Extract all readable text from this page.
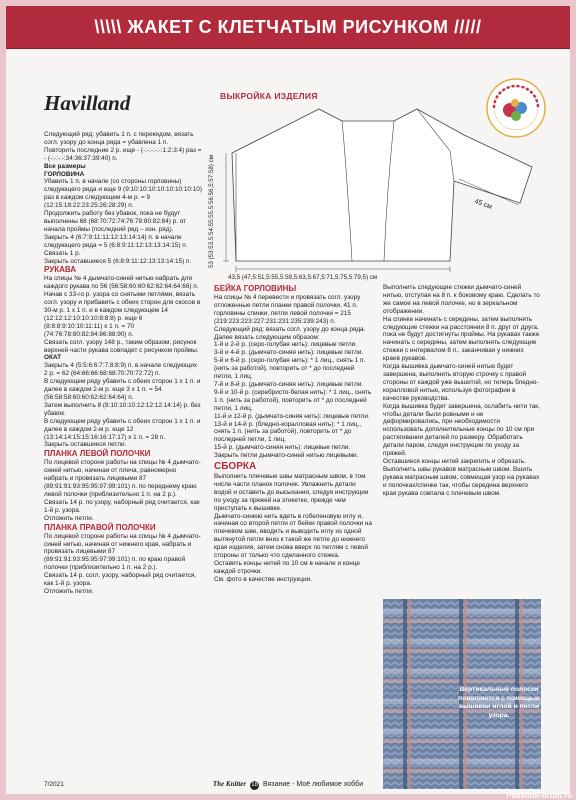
\\\\\ ЖАКЕТ С КЛЕТЧАТЫМ РИСУНКОМ /////
Havilland	ВЫКРОЙКА ИЗДЕЛИЯ
43,5 (47,5:51,5:55,5:59,5:63,5:67,5:71,5:75,5:79,5) см
53 (53:53,5:54:55:55,5:56:56,5:57:58) см	45 см

Следующий ряд: убавить 1 п. с перекидом, вязать согл. узору до конца ряда = убавлена 1 п.

Повторить последние 2 р. еще - (-:-:-:-:-:1:2:3:4) раз = - (-:-:-:-:34:36:37:39:40) п.

Все размеры

ГОРЛОВИНА

Убавить 1 п. в начале (со стороны горловины) следующего ряда и еще 9 (9:10:10:10:10:10:10:10:10) раз в каждом следующем 4-м р. = 9 (12:15:18:22:23:25:26:28:29) п.

Продолжить работу без убавок, пока не будут выполнены 68 (68:70:72:74:76:78:80:82:84) р. от начала проймы (последний ряд – изн. ряд).

Закрыть 4 (6:7:9:11:11:12:13:14:14) п. в начале следующего ряда = 5 (6:8:9:11:12:13:13:14:15) п.

Связать 1 р.

Закрыть оставшиеся 5 (6:8:9:11:12:13:13:14:15) п.

РУКАВА

На спицы № 4 дымчато-синей нитью набрать для каждого рукава по 56 (56:58:60:60:62:62:64:64:66) п.

Начав с 33-го р. узора со снятыми петлями, вязать согл. узору и прибавить с обеих сторон для скосов в 30-м р. 1 х 1 п. и в каждом следующем 14 (12:12:12:10:10:10:8:8:8) р. еще 6 (8:8:8:9:10:10:11:11) х 1 п. = 70 (74:76:78:80:82:84:86:88:90) п.

Связать согл. узору 148 р., таким образом, рисунок верхней части рукава совпадет с рисунком проймы.

ОКАТ

Закрыть 4 (5:5:6:6:7:7:8:8:9) п. в начале следующих 2 р. = 62 (64:66:66:68:68:70:70:72:72) п.

В следующем ряду убавить с обеих сторон 1 х 1 п. и далее в каждом 2-м р. еще 3 х 1 п. = 54 (56:58:58:60:60:62:62:64:64) п.

Затем выполнить 8 (8:10:10:10:12:12:12:14:14) р. без убавок.

В следующем ряду убавить с обеих сторон 1 х 1 п. и далее в каждом 2-м р. еще 12 (13:14:14:15:15:16:16:17:17) х 1 п. = 28 п.

Закрыть оставшиеся петли.

ПЛАНКА ЛЕВОЙ ПОЛОЧКИ

По лицевой стороне работы на спицы № 4 дымчато-синей нитью, начиная от плеча, равномерно набрать и провязать лицевыми 87 (89:91:91:93:95:95:97:99:101) п. по переднему краю левой полочки (приблизительно 1 п. на 2 р.).

Связать 14 р. по узору, наборный ряд считается, как 1-й р. узора.

Отложить петли.

ПЛАНКА ПРАВОЙ ПОЛОЧКИ

По лицевой стороне работы на спицы № 4 дымчато-синей нитью, начиная от нижнего края, набрать и провязать лицевыми 87 (89:91:91:93:95:95:97:99:101) п. по краю правой полочки (приблизительно 1 п. на 2 р.).

Связать 14 р. согл. узору, наборный ряд считается, как 1-й р. узора.

Отложить петли.

БЕЙКА ГОРЛОВИНЫ

На спицы № 4 перевести и провязать согл. узору отложенные петли планки правой полочки, 41 п. горловины спинки, петли левой полочки = 215 (219:223:223:227:231:231:235:239:243) п.

Следующий ряд: вязать согл. узору до конца ряда.

Далее вязать следующим образом:

1-й и 2-й р. (серо-голубая нить): лицевые петли.

3-й и 4-й р. (дымчато-синяя нить): лицевые петли.

5-й и 6-й р. (серо-голубая нить): * 1 лиц., снять 1 п. (нить за работой), повторить от * до последней петли, 1 лиц.

7-й и 8-й р. (дымчато-синяя нить): лицевые петли.

9-й и 10-й р. (серебристо-белая нить): * 1 лиц., снять 1 п. (нить за работой), повторить от * до последней петли, 1 лиц.

11-й и 12-й р. (дымчато-синяя нить): лицевые петли.

13-й и 14-й р. (бледно-коралловая нить): * 1 лиц., снять 1 п. (нить за работой), повторить от * до последней петли, 1 лиц.

15-й р. (дымчато-синяя нить): лицевые петли.

Закрыть петли дымчато-синей нитью лицевыми.

СБОРКА

Выполнить плечевые швы матрасным швом, в том числе части планок полочек. Увлажнить детали водой и оставить до высыхания, следуя инструкции по уходу за пряжей на этикетке, прежде чем приступать к вышивке.

Дымчато-синюю нить вдеть в гобеленовую иглу и, начиная со второй петли от бейки правой полочки на плечевом шве, вводить и выводить иглу из одной вытянутой петли вниз к такой же петле до нижнего края изделия, затем снова вверх по петлям с левой стороны от только что сделанного стежка.

Оставить концы нитей по 10 см в начале и конце каждой строчки.

См. фото в качестве инструкции.

Выполнить следующие стежки дымчато-синей нитью, отступая на 8 п. к боковому краю. Сделать то же самое на левой полочке, но в зеркальном отображении.

На спинке начинать с середины, затем выполнять следующие стежки на расстоянии 8 п. друг от друга, пока не будут достигнуты проймы. На рукавах также начинать с середины, затем выполнять следующие стежки с интервалом 8 п., заканчивая у нижних краев рукавов.

Когда вышивка дымчато-синей нитью будет завершена, выполнить вторую строчку с правой стороны от каждой уже вышитой, но теперь бледно-коралловой нитью, используя фотографии в качестве руководства.

Когда вышивка будет завершена, ослабить нити так, чтобы детали были ровными и не деформировались, при необходимости использовать дополнительные концы по 10 см при растягивании деталей по размеру. Обработать детали паром, следуя инструкции по уходу за пряжей.

Оставшиеся концы нитей закрепить и обрезать.

Выполнить швы рукавов матрасным швом. Вшить рукава матрасным швом, совмещая узор на рукавах и полочках/спинке так, чтобы середина верхнего края рукава совпала с плечевым швом.

Вертикальные полоски появляются с помощью вышивки иглой и петли узора.
7/2021	The Knitter 18 Вязание - Моё любимое хобби
PassionForum.ru
